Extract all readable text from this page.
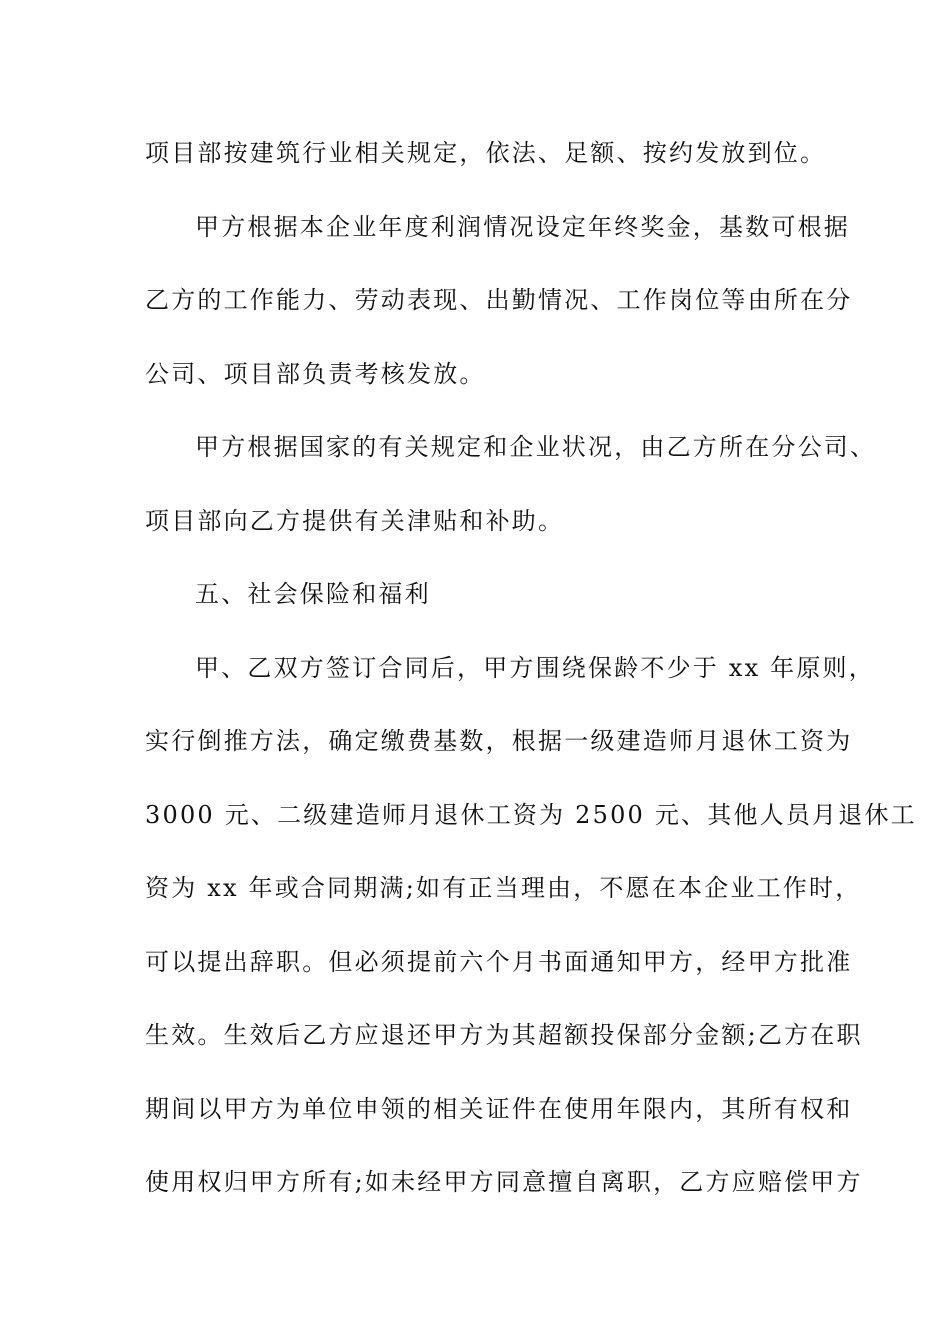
项目部按建筑行业相关规定，依法、足额、按约发放到位。
甲方根据本企业年度利润情况设定年终奖金，基数可根据
乙方的工作能力、劳动表现、出勤情况、工作岗位等由所在分
公司、项目部负责考核发放。
甲方根据国家的有关规定和企业状况，由乙方所在分公司、
项目部向乙方提供有关津贴和补助。
五、社会保险和福利
甲、乙双方签订合同后，甲方围绕保龄不少于 xx 年原则，
实行倒推方法，确定缴费基数，根据一级建造师月退休工资为
3000 元、二级建造师月退休工资为 2500 元、其他人员月退休工
资为 xx 年或合同期满;如有正当理由，不愿在本企业工作时，
可以提出辞职。但必须提前六个月书面通知甲方，经甲方批准
生效。生效后乙方应退还甲方为其超额投保部分金额;乙方在职
期间以甲方为单位申领的相关证件在使用年限内，其所有权和
使用权归甲方所有;如未经甲方同意擅自离职，乙方应赔偿甲方
